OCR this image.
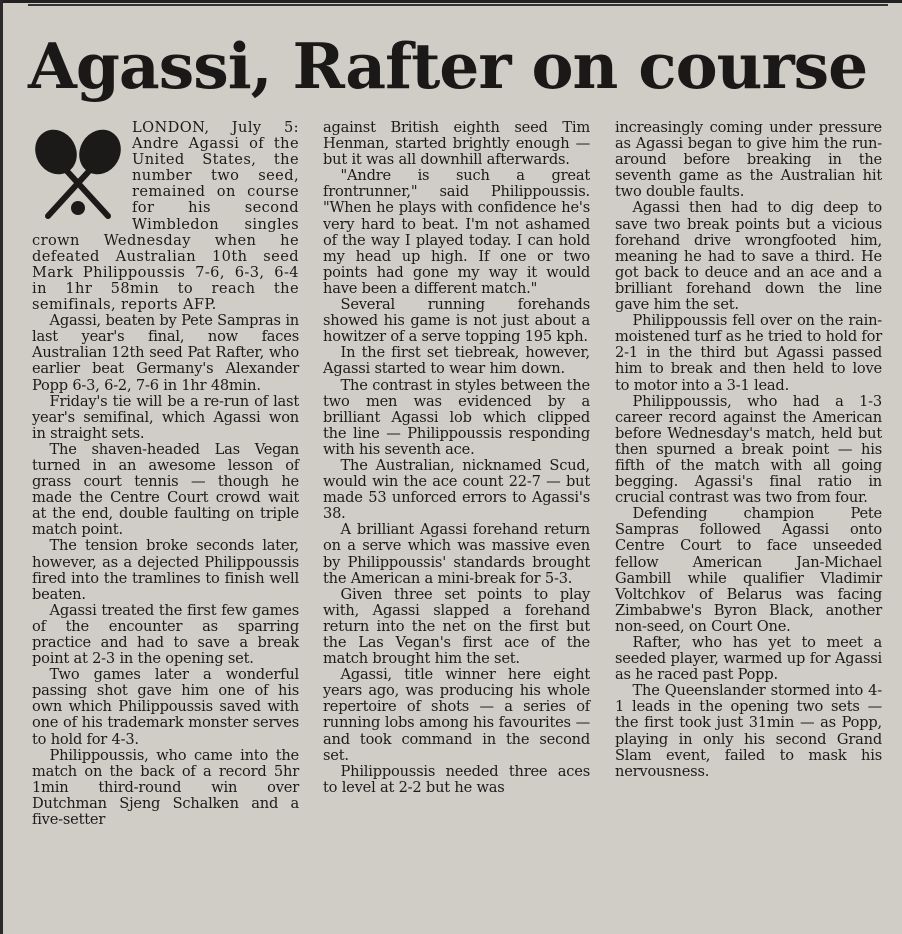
Agassi, Rafter on course

LONDON, July 5: Andre Agassi of the United States, the number two seed, remained on course for his second Wimbledon singles crown Wednesday when he defeated Australian 10th seed Mark Philippoussis 7-6, 6-3, 6-4 in 1hr 58min to reach the semifinals, reports AFP.

Agassi, beaten by Pete Sampras in last year's final, now faces Australian 12th seed Pat Rafter, who earlier beat Germany's Alexander Popp 6-3, 6-2, 7-6 in 1hr 48min.

Friday's tie will be a re-run of last year's semifinal, which Agassi won in straight sets.

The shaven-headed Las Vegan turned in an awesome lesson of grass court tennis — though he made the Centre Court crowd wait at the end, double faulting on triple match point.

The tension broke seconds later, however, as a dejected Philippoussis fired into the tramlines to finish well beaten.

Agassi treated the first few games of the encounter as sparring practice and had to save a break point at 2-3 in the opening set.

Two games later a wonderful passing shot gave him one of his own which Philippoussis saved with one of his trademark monster serves to hold for 4-3.

Philippoussis, who came into the match on the back of a record 5hr 1min third-round win over Dutchman Sjeng Schalken and a five-setter

against British eighth seed Tim Henman, started brightly enough — but it was all downhill afterwards.

"Andre is such a great frontrunner," said Philippoussis. "When he plays with confidence he's very hard to beat. I'm not ashamed of the way I played today. I can hold my head up high. If one or two points had gone my way it would have been a different match."

Several running forehands showed his game is not just about a howitzer of a serve topping 195 kph.

In the first set tiebreak, however, Agassi started to wear him down.

The contrast in styles between the two men was evidenced by a brilliant Agassi lob which clipped the line — Philippoussis responding with his seventh ace.

The Australian, nicknamed Scud, would win the ace count 22-7 — but made 53 unforced errors to Agassi's 38.

A brilliant Agassi forehand return on a serve which was massive even by Philippoussis' standards brought the American a mini-break for 5-3.

Given three set points to play with, Agassi slapped a forehand return into the net on the first but the Las Vegan's first ace of the match brought him the set.

Agassi, title winner here eight years ago, was producing his whole repertoire of shots — a series of running lobs among his favourites — and took command in the second set.

Philippoussis needed three aces to level at 2-2 but he was

increasingly coming under pressure as Agassi began to give him the run-around before breaking in the seventh game as the Australian hit two double faults.

Agassi then had to dig deep to save two break points but a vicious forehand drive wrongfooted him, meaning he had to save a third. He got back to deuce and an ace and a brilliant forehand down the line gave him the set.

Philippoussis fell over on the rain-moistened turf as he tried to hold for 2-1 in the third but Agassi passed him to break and then held to love to motor into a 3-1 lead.

Philippoussis, who had a 1-3 career record against the American before Wednesday's match, held but then spurned a break point — his fifth of the match with all going begging. Agassi's final ratio in crucial contrast was two from four.

Defending champion Pete Sampras followed Agassi onto Centre Court to face unseeded fellow American Jan-Michael Gambill while qualifier Vladimir Voltchkov of Belarus was facing Zimbabwe's Byron Black, another non-seed, on Court One.

Rafter, who has yet to meet a seeded player, warmed up for Agassi as he raced past Popp.

The Queenslander stormed into 4-1 leads in the opening two sets — the first took just 31min — as Popp, playing in only his second Grand Slam event, failed to mask his nervousness.
